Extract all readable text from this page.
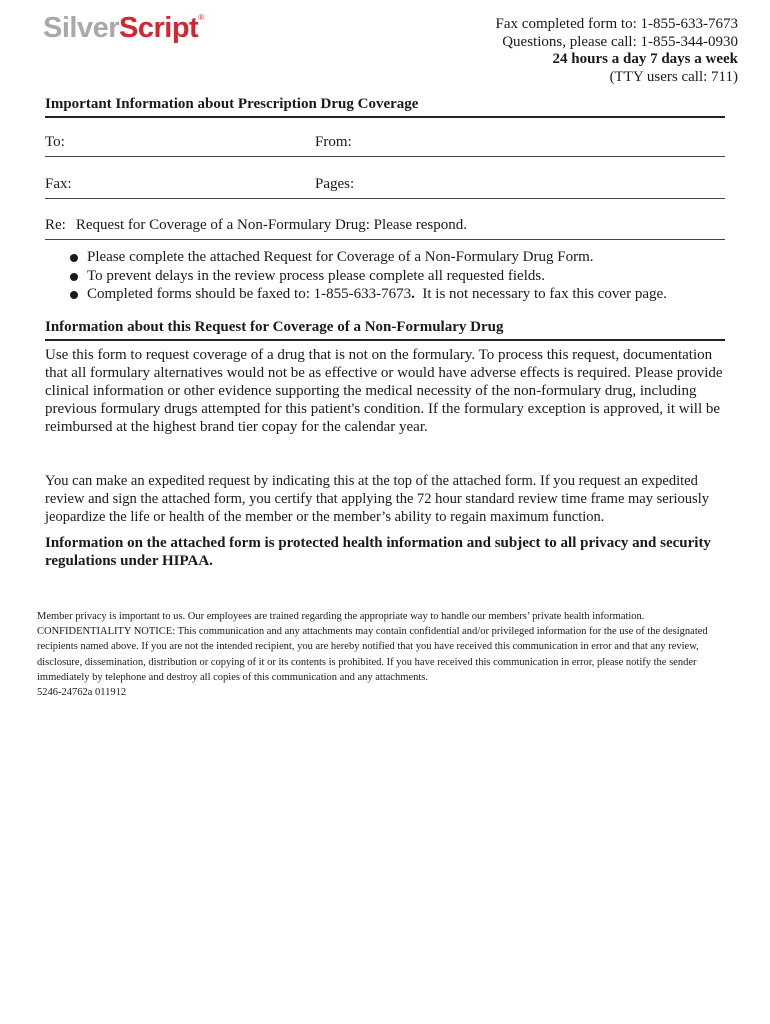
SilverScript®	Fax completed form to: 1-855-633-7673
Questions, please call: 1-855-344-0930
24 hours a day 7 days a week
(TTY users call: 711)
Important Information about Prescription Drug Coverage
To:	From:
Fax:	Pages:
Re: Request for Coverage of a Non-Formulary Drug: Please respond.
Please complete the attached Request for Coverage of a Non-Formulary Drug Form.
To prevent delays in the review process please complete all requested fields.
Completed forms should be faxed to: 1-855-633-7673. It is not necessary to fax this cover page.
Information about this Request for Coverage of a Non-Formulary Drug

Use this form to request coverage of a drug that is not on the formulary. To process this request, documentation that all formulary alternatives would not be as effective or would have adverse effects is required. Please provide clinical information or other evidence supporting the medical necessity of the non-formulary drug, including previous formulary drugs attempted for this patient's condition. If the formulary exception is approved, it will be reimbursed at the highest brand tier copay for the calendar year.

You can make an expedited request by indicating this at the top of the attached form. If you request an expedited review and sign the attached form, you certify that applying the 72 hour standard review time frame may seriously jeopardize the life or health of the member or the member’s ability to regain maximum function.

Information on the attached form is protected health information and subject to all privacy and security regulations under HIPAA.

Member privacy is important to us. Our employees are trained regarding the appropriate way to handle our members’ private health information.

CONFIDENTIALITY NOTICE: This communication and any attachments may contain confidential and/or privileged information for the use of the designated recipients named above. If you are not the intended recipient, you are hereby notified that you have received this communication in error and that any review, disclosure, dissemination, distribution or copying of it or its contents is prohibited. If you have received this communication in error, please notify the sender immediately by telephone and destroy all copies of this communication and any attachments.

5246-24762a 011912
